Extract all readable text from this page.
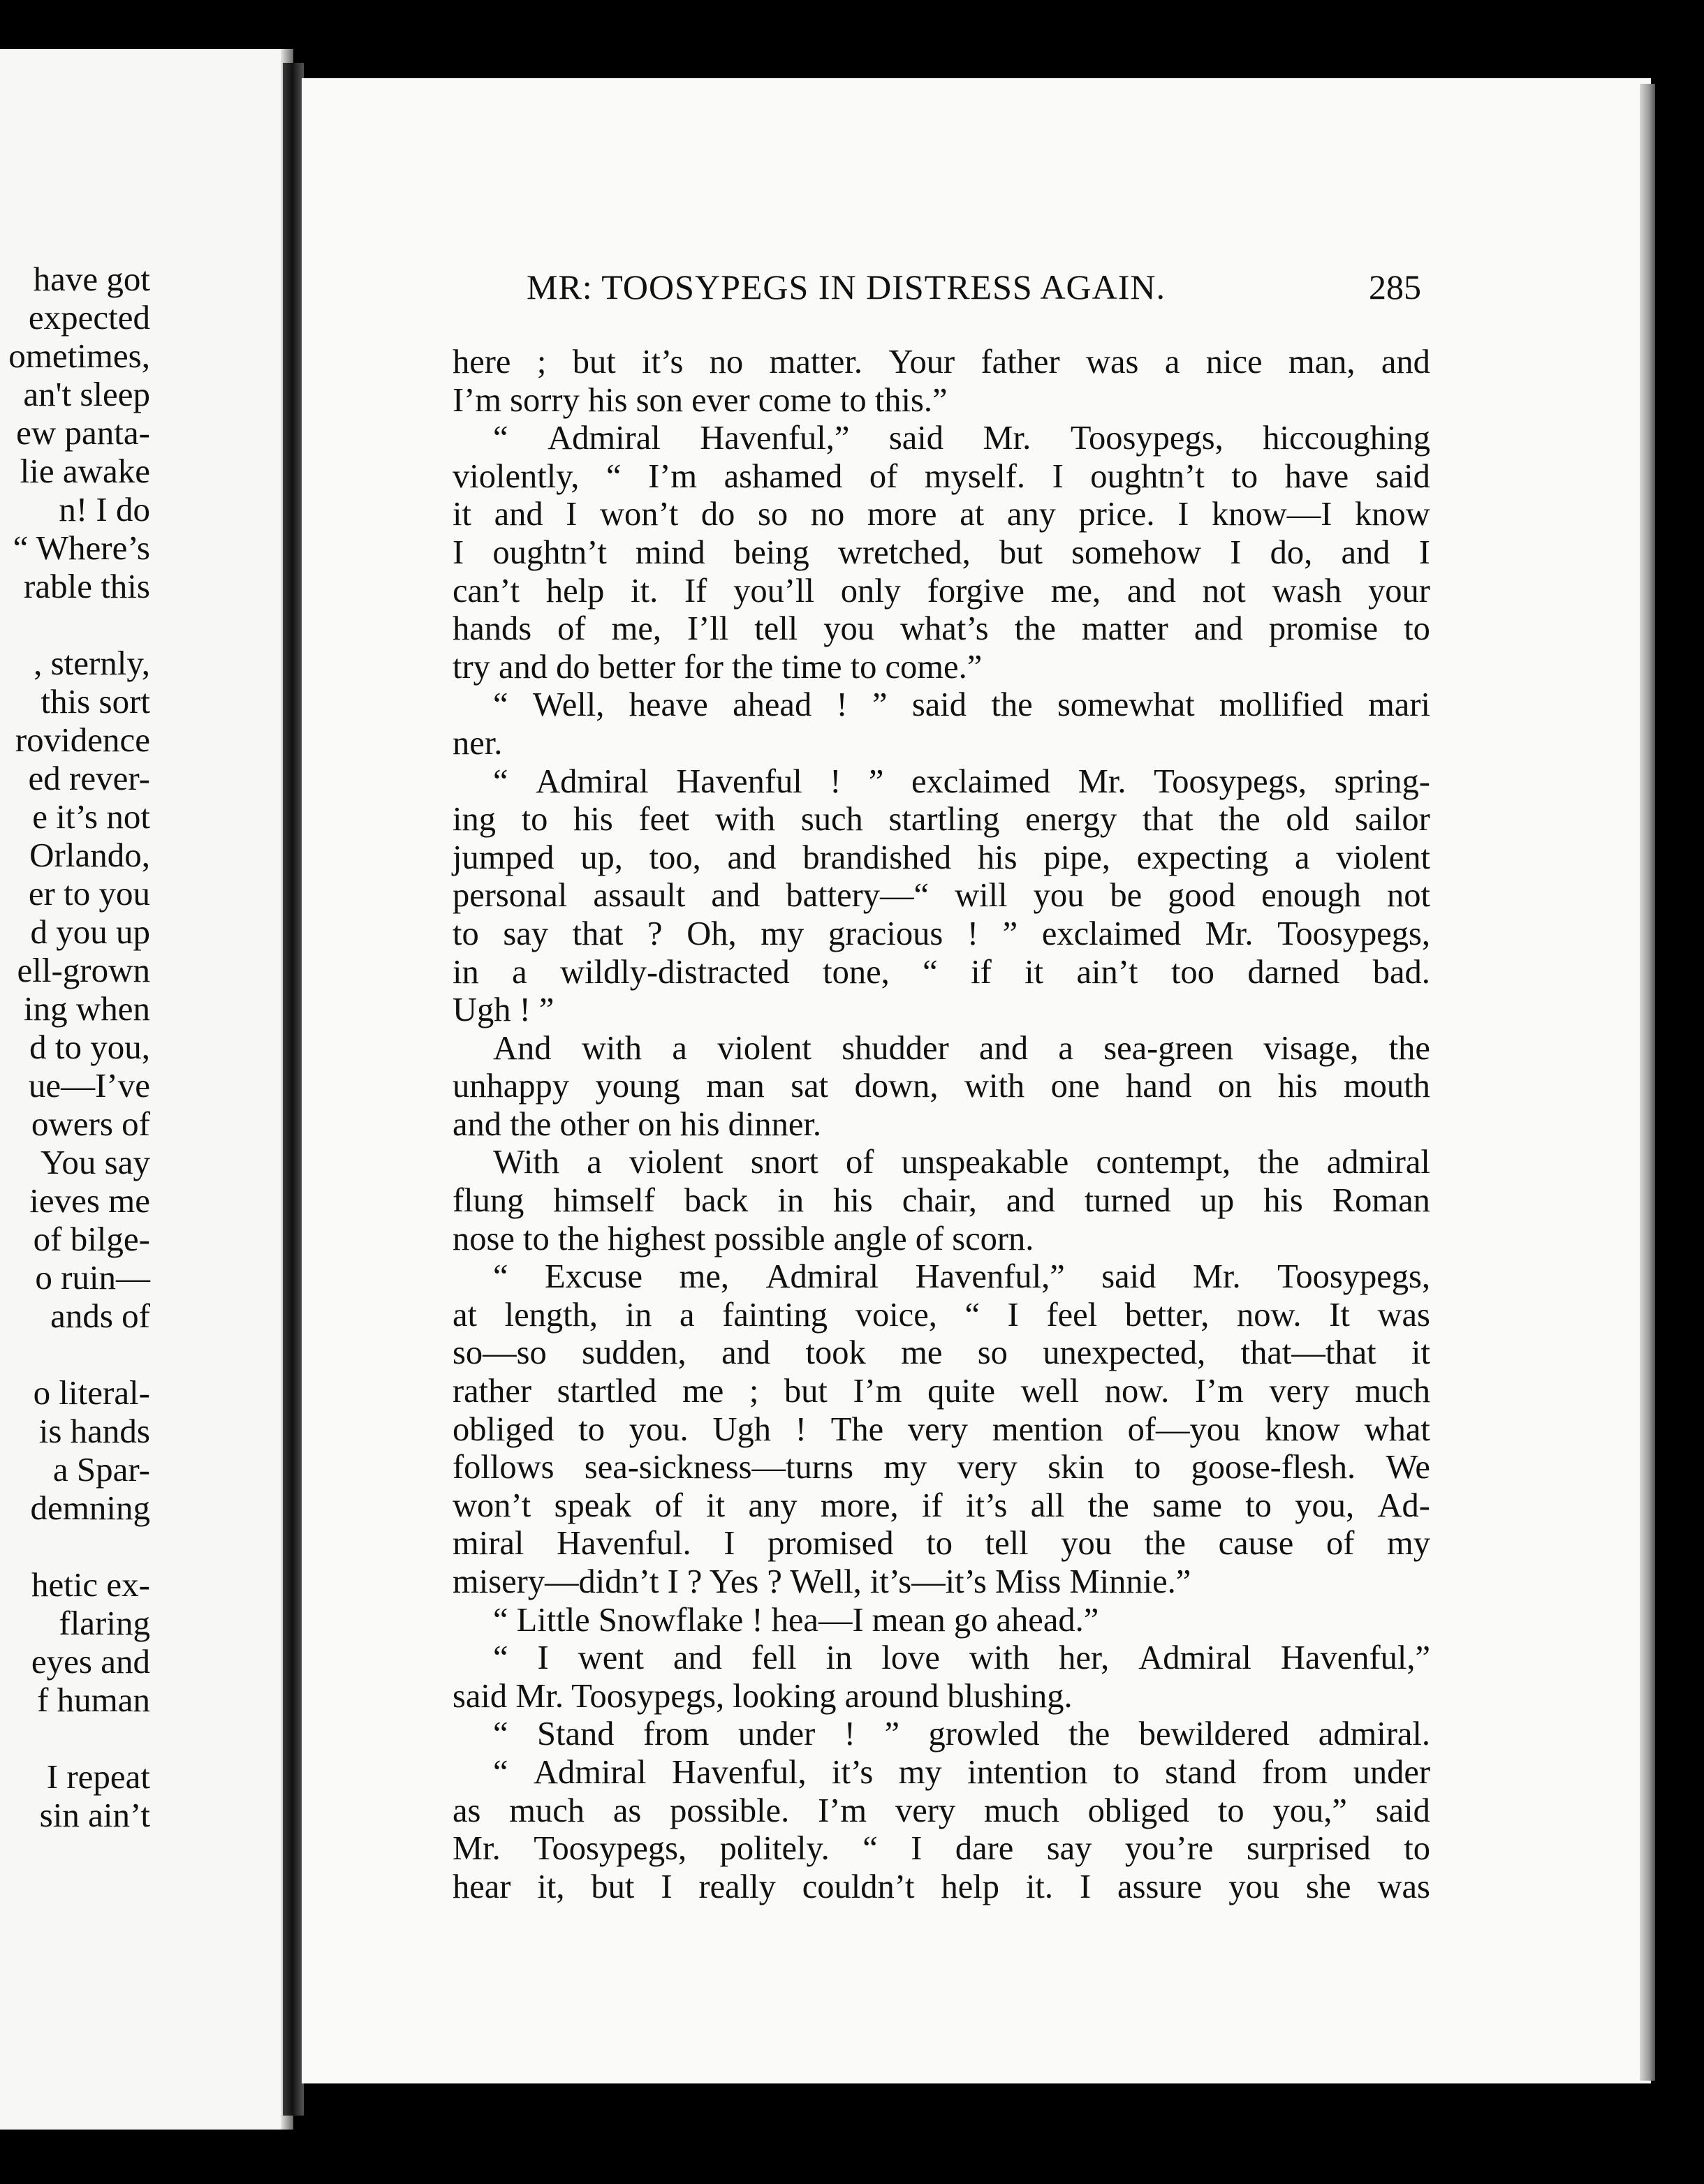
have got
expected
ometimes,
an't sleep
ew panta-
lie awake
n! I do
“ Where’s
rable this
, sternly,
this sort
rovidence
ed rever-
e it’s not
Orlando,
er to you
d you up
ell-grown
ing when
d to you,
ue—I’ve
owers of
You say
ieves me
of bilge-
o ruin—
ands of
o literal-
is hands
a Spar-
demning
hetic ex-
flaring
eyes and
f human
I repeat
sin ain’t
MR: TOOSYPEGS IN DISTRESS AGAIN.	285
here ; but it’s no matter. Your father was a nice man, and
I’m sorry his son ever come to this.”
“ Admiral Havenful,” said Mr. Toosypegs, hiccoughing
violently, “ I’m ashamed of myself. I oughtn’t to have said
it and I won’t do so no more at any price. I know—I know
I oughtn’t mind being wretched, but somehow I do, and I
can’t help it. If you’ll only forgive me, and not wash your
hands of me, I’ll tell you what’s the matter and promise to
try and do better for the time to come.”
“ Well, heave ahead ! ” said the somewhat mollified mari
ner.
“ Admiral Havenful ! ” exclaimed Mr. Toosypegs, spring-
ing to his feet with such startling energy that the old sailor
jumped up, too, and brandished his pipe, expecting a violent
personal assault and battery—“ will you be good enough not
to say that ? Oh, my gracious ! ” exclaimed Mr. Toosypegs,
in a wildly-distracted tone, “ if it ain’t too darned bad.
Ugh ! ”
And with a violent shudder and a sea-green visage, the
unhappy young man sat down, with one hand on his mouth
and the other on his dinner.
With a violent snort of unspeakable contempt, the admiral
flung himself back in his chair, and turned up his Roman
nose to the highest possible angle of scorn.
“ Excuse me, Admiral Havenful,” said Mr. Toosypegs,
at length, in a fainting voice, “ I feel better, now. It was
so—so sudden, and took me so unexpected, that—that it
rather startled me ; but I’m quite well now. I’m very much
obliged to you. Ugh ! The very mention of—you know what
follows sea-sickness—turns my very skin to goose-flesh. We
won’t speak of it any more, if it’s all the same to you, Ad-
miral Havenful. I promised to tell you the cause of my
misery—didn’t I ? Yes ? Well, it’s—it’s Miss Minnie.”
“ Little Snowflake ! hea—I mean go ahead.”
“ I went and fell in love with her, Admiral Havenful,”
said Mr. Toosypegs, looking around blushing.
“ Stand from under ! ” growled the bewildered admiral.
“ Admiral Havenful, it’s my intention to stand from under
as much as possible. I’m very much obliged to you,” said
Mr. Toosypegs, politely. “ I dare say you’re surprised to
hear it, but I really couldn’t help it. I assure you she was
